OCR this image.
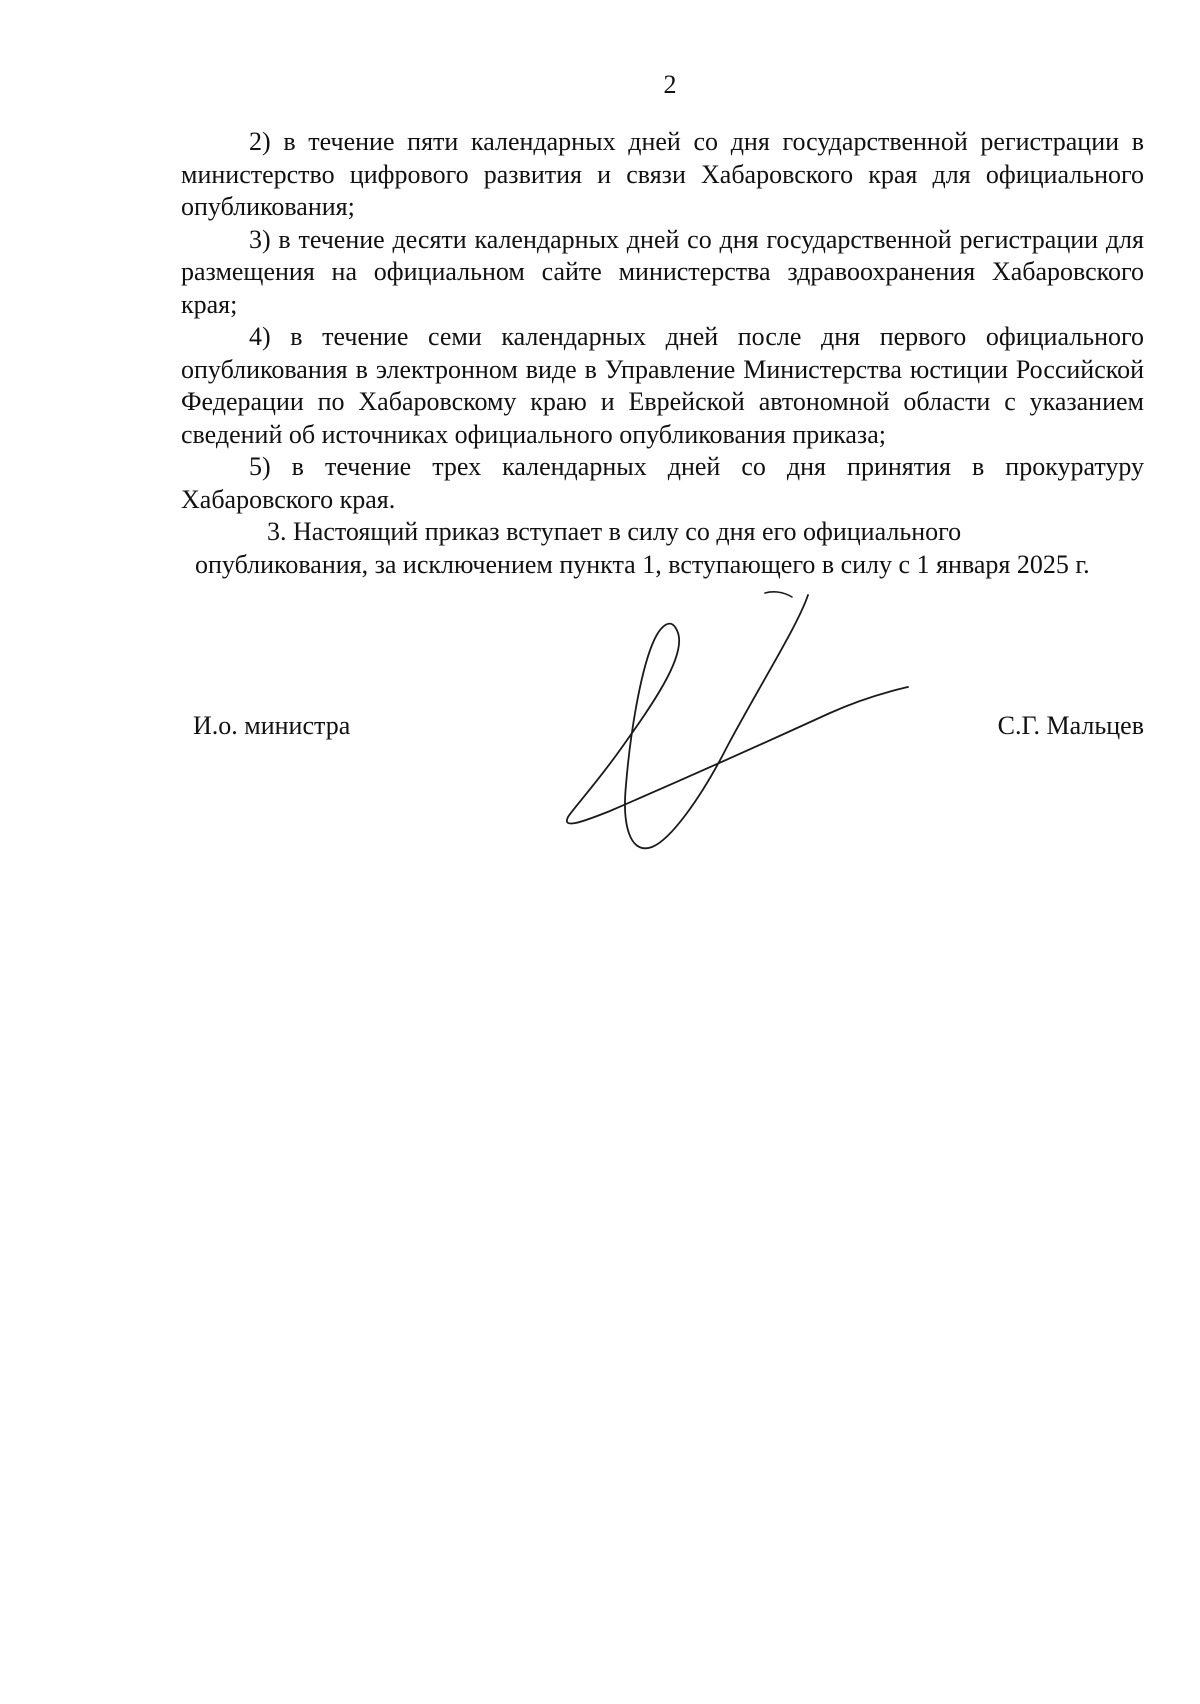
2

2) в течение пяти календарных дней со дня государственной регистрации в министерство цифрового развития и связи Хабаровского края для официального опубликования;

3) в течение десяти календарных дней со дня государственной регистрации для размещения на официальном сайте министерства здравоохранения Хабаровского края;

4) в течение семи календарных дней после дня первого официального опубликования в электронном виде в Управление Министерства юстиции Российской Федерации по Хабаровскому краю и Еврейской автономной области с указанием сведений об источниках официального опубликования приказа;

5) в течение трех календарных дней со дня принятия в прокуратуру Хабаровского края.

3. Настоящий приказ вступает в силу со дня его официального

опубликования, за исключением пункта 1, вступающего в силу с 1 января 2025 г.

И.о. министра	С.Г. Мальцев
